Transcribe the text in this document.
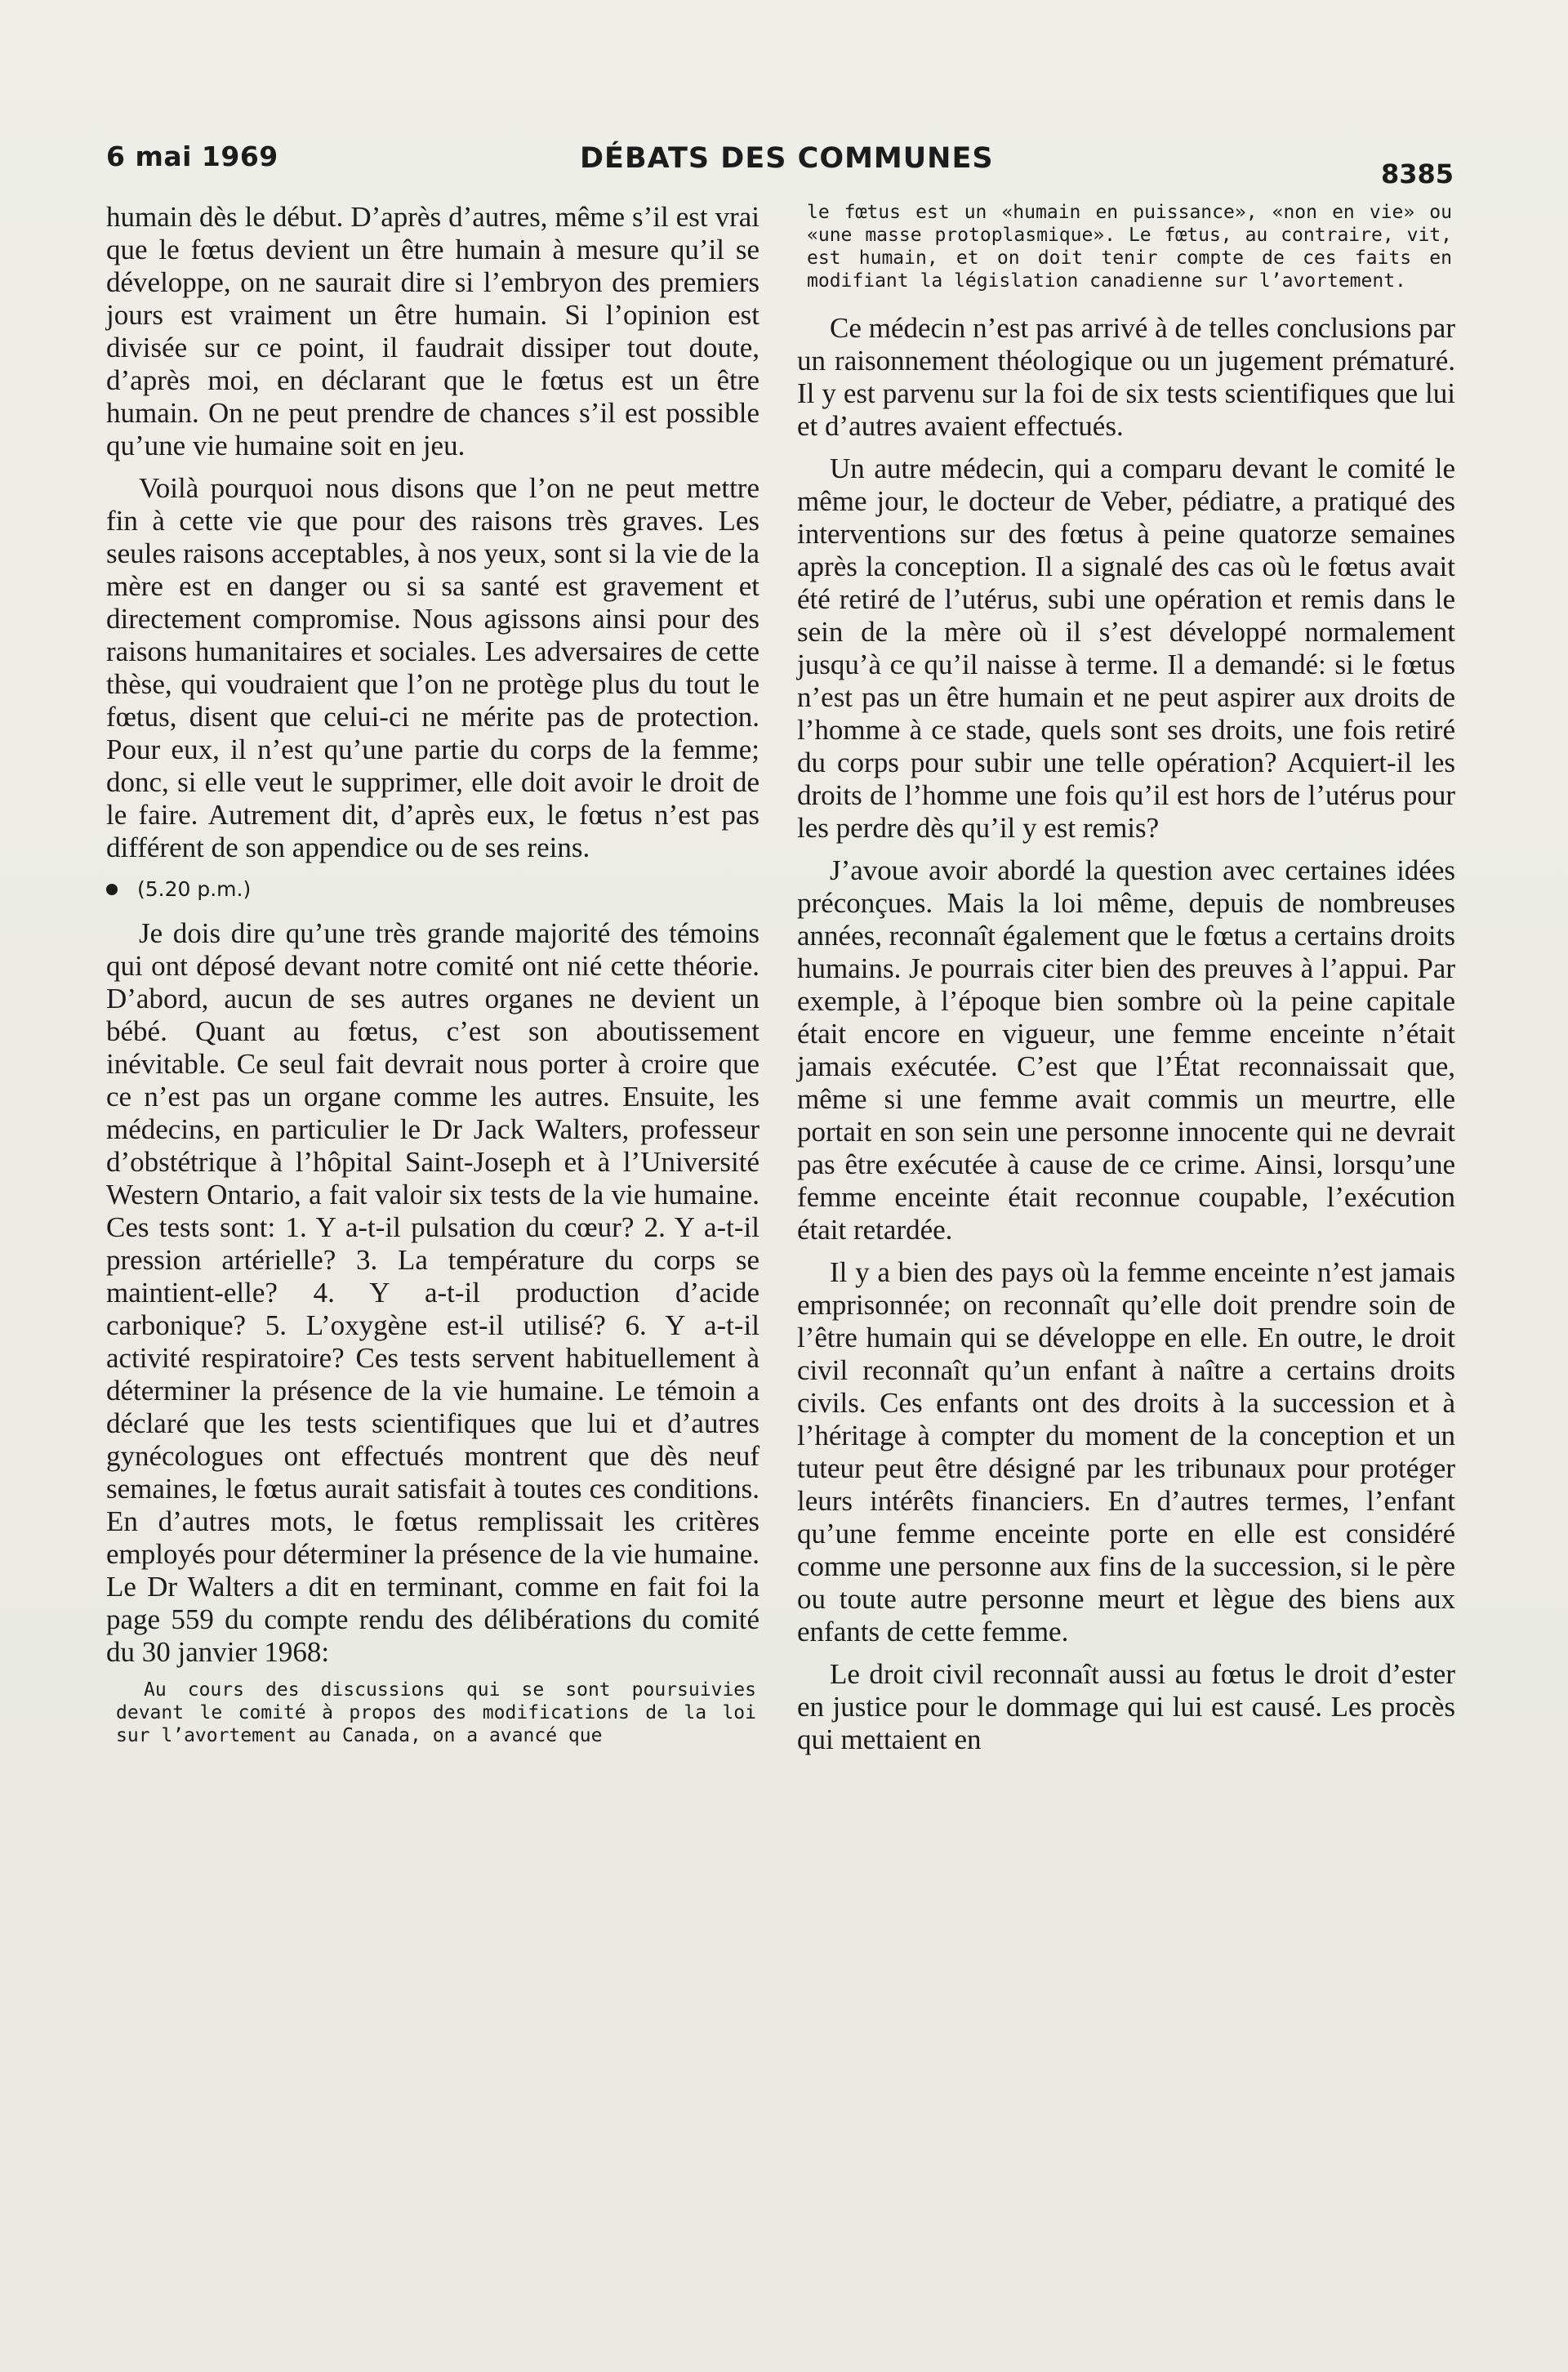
6 mai 1969	DÉBATS DES COMMUNES	8385

humain dès le début. D’après d’autres, même s’il est vrai que le fœtus devient un être humain à mesure qu’il se développe, on ne saurait dire si l’embryon des premiers jours est vraiment un être humain. Si l’opinion est divisée sur ce point, il faudrait dissiper tout doute, d’après moi, en déclarant que le fœtus est un être humain. On ne peut prendre de chances s’il est possible qu’une vie humaine soit en jeu.

Voilà pourquoi nous disons que l’on ne peut mettre fin à cette vie que pour des raisons très graves. Les seules raisons acceptables, à nos yeux, sont si la vie de la mère est en danger ou si sa santé est gravement et directement compromise. Nous agissons ainsi pour des raisons humanitaires et sociales. Les adversaires de cette thèse, qui voudraient que l’on ne protège plus du tout le fœtus, disent que celui-ci ne mérite pas de protection. Pour eux, il n’est qu’une partie du corps de la femme; donc, si elle veut le supprimer, elle doit avoir le droit de le faire. Autrement dit, d’après eux, le fœtus n’est pas différent de son appendice ou de ses reins.

(5.20 p.m.)

Je dois dire qu’une très grande majorité des témoins qui ont déposé devant notre comité ont nié cette théorie. D’abord, aucun de ses autres organes ne devient un bébé. Quant au fœtus, c’est son aboutissement inévitable. Ce seul fait devrait nous porter à croire que ce n’est pas un organe comme les autres. Ensuite, les médecins, en particulier le Dr Jack Walters, professeur d’obstétrique à l’hôpital Saint-Joseph et à l’Université Western Ontario, a fait valoir six tests de la vie humaine. Ces tests sont: 1. Y a-t-il pulsation du cœur? 2. Y a-t-il pression artérielle? 3. La température du corps se maintient-elle? 4. Y a-t-il production d’acide carbonique? 5. L’oxygène est-il utilisé? 6. Y a-t-il activité respiratoire? Ces tests servent habituellement à déterminer la présence de la vie humaine. Le témoin a déclaré que les tests scientifiques que lui et d’autres gynécologues ont effectués montrent que dès neuf semaines, le fœtus aurait satisfait à toutes ces conditions. En d’autres mots, le fœtus remplissait les critères employés pour déterminer la présence de la vie humaine. Le Dr Walters a dit en terminant, comme en fait foi la page 559 du compte rendu des délibérations du comité du 30 janvier 1968:

Au cours des discussions qui se sont poursuivies devant le comité à propos des modifications de la loi sur l’avortement au Canada, on a avancé que

le fœtus est un «humain en puissance», «non en vie» ou «une masse protoplasmique». Le fœtus, au contraire, vit, est humain, et on doit tenir compte de ces faits en modifiant la législation canadienne sur l’avortement.

Ce médecin n’est pas arrivé à de telles conclusions par un raisonnement théologique ou un jugement prématuré. Il y est parvenu sur la foi de six tests scientifiques que lui et d’autres avaient effectués.

Un autre médecin, qui a comparu devant le comité le même jour, le docteur de Veber, pédiatre, a pratiqué des interventions sur des fœtus à peine quatorze semaines après la conception. Il a signalé des cas où le fœtus avait été retiré de l’utérus, subi une opération et remis dans le sein de la mère où il s’est développé normalement jusqu’à ce qu’il naisse à terme. Il a demandé: si le fœtus n’est pas un être humain et ne peut aspirer aux droits de l’homme à ce stade, quels sont ses droits, une fois retiré du corps pour subir une telle opération? Acquiert-il les droits de l’homme une fois qu’il est hors de l’utérus pour les perdre dès qu’il y est remis?

J’avoue avoir abordé la question avec certaines idées préconçues. Mais la loi même, depuis de nombreuses années, reconnaît également que le fœtus a certains droits humains. Je pourrais citer bien des preuves à l’appui. Par exemple, à l’époque bien sombre où la peine capitale était encore en vigueur, une femme enceinte n’était jamais exécutée. C’est que l’État reconnaissait que, même si une femme avait commis un meurtre, elle portait en son sein une personne innocente qui ne devrait pas être exécutée à cause de ce crime. Ainsi, lorsqu’une femme enceinte était reconnue coupable, l’exécution était retardée.

Il y a bien des pays où la femme enceinte n’est jamais emprisonnée; on reconnaît qu’elle doit prendre soin de l’être humain qui se développe en elle. En outre, le droit civil reconnaît qu’un enfant à naître a certains droits civils. Ces enfants ont des droits à la succession et à l’héritage à compter du moment de la conception et un tuteur peut être désigné par les tribunaux pour protéger leurs intérêts financiers. En d’autres termes, l’enfant qu’une femme enceinte porte en elle est considéré comme une personne aux fins de la succession, si le père ou toute autre personne meurt et lègue des biens aux enfants de cette femme.

Le droit civil reconnaît aussi au fœtus le droit d’ester en justice pour le dommage qui lui est causé. Les procès qui mettaient en
